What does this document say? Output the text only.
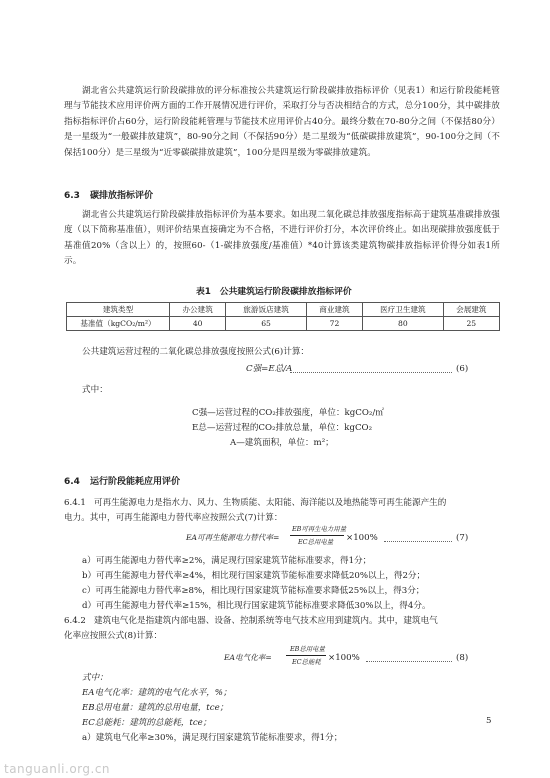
湖北省公共建筑运行阶段碳排放的评分标准按公共建筑运行阶段碳排放指标评价（见表1）和运行阶段能耗管理与节能技术应用评价两方面的工作开展情况进行评价，采取打分与否决相结合的方式，总分100分，其中碳排放指标指标评价占60分，运行阶段能耗管理与节能技术应用评价占40分。最终分数在70-80分之间（不保括80分）是一星级为“一般碳排放建筑”，80-90分之间（不保括90分）是二星级为“低碳碳排放建筑”，90-100分之间（不保括100分）是三星级为“近零碳碳排放建筑”，100分是四星级为零碳排放建筑。
6.3 碳排放指标评价
湖北省公共建筑运行阶段碳排放指标评价为基本要求。如出现二氧化碳总排放强度指标高于建筑基准碳排放强度（以下简称基准值），则评价结果直接确定为不合格，不进行评价打分，本次评价终止。如出现碳排放强度低于基准值20%（含以上）的，按照60-（1-碳排放强度/基准值）*40计算该类建筑物碳排放指标评价得分如表1所示。
表1　公共建筑运行阶段碳排放指标评价
建筑类型	办公建筑	旅游饭店建筑	商业建筑	医疗卫生建筑	会展建筑
基准值（kgCO₂/m²）	40	65	72	80	25
公共建筑运营过程的二氧化碳总排放强度按照公式(6)计算：
C强=E总/A	(6)
式中：
C强—运营过程的CO₂排放强度，单位：kgCO₂/㎡
E总—运营过程的CO₂排放总量，单位：kgCO₂
A—建筑面积，单位：m²；
6.4 运行阶段能耗应用评价
6.4.1 可再生能源电力是指水力、风力、生物质能、太阳能、海洋能以及地热能等可再生能源产生的
电力。其中，可再生能源电力替代率应按照公式(7)计算：
EA可再生能源电力替代率=
EB可再生电力用量
EC总用电量 ×100%	(7)
a）可再生能源电力替代率≥2%，满足现行国家建筑节能标准要求，得1分；
b）可再生能源电力替代率≥4%，相比现行国家建筑节能标准要求降低20%以上，得2分；
c）可再生能源电力替代率≥8%，相比现行国家建筑节能标准要求降低25%以上，得3分；
d）可再生能源电力替代率≥15%，相比现行国家建筑节能标准要求降低30%以上，得4分。
6.4.2 建筑电气化是指建筑内部电器、设备、控制系统等电气技术应用到建筑内。其中，建筑电气
化率应按照公式(8)计算：
EA电气化率=
EB总用电量
EC总能耗 ×100%	(8)
式中：
EA电气化率：建筑的电气化水平，%；
EB总用电量：建筑的总用电量，tce；
EC总能耗：建筑的总能耗，tce；
a）建筑电气化率≥30%，满足现行国家建筑节能标准要求，得1分；
5
tanguanli.org.cn
